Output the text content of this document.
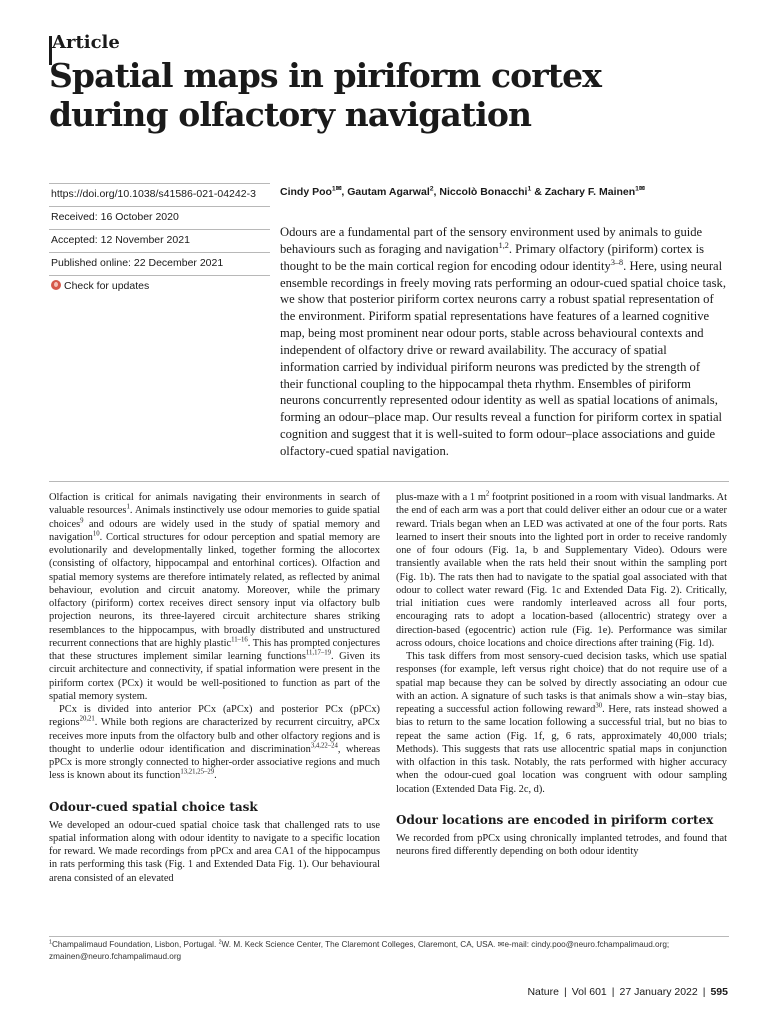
Article
Spatial maps in piriform cortex during olfactory navigation
https://doi.org/10.1038/s41586-021-04242-3
Received: 16 October 2020
Accepted: 12 November 2021
Published online: 22 December 2021
Check for updates
Cindy Poo$^{1✉}$, Gautam Agarwal$^2$, Niccolò Bonacchi$^1$ & Zachary F. Mainen$^{1✉}$

Odours are a fundamental part of the sensory environment used by animals to guide behaviours such as foraging and navigation$^{1,2}$. Primary olfactory (piriform) cortex is thought to be the main cortical region for encoding odour identity$^{3-8}$. Here, using neural ensemble recordings in freely moving rats performing an odour-cued spatial choice task, we show that posterior piriform cortex neurons carry a robust spatial representation of the environment. Piriform spatial representations have features of a learned cognitive map, being most prominent near odour ports, stable across behavioural contexts and independent of olfactory drive or reward availability. The accuracy of spatial information carried by individual piriform neurons was predicted by the strength of their functional coupling to the hippocampal theta rhythm. Ensembles of piriform neurons concurrently represented odour identity as well as spatial locations of animals, forming an odour–place map. Our results reveal a function for piriform cortex in spatial cognition and suggest that it is well-suited to form odour–place associations and guide olfactory-cued spatial navigation.

Olfaction is critical for animals navigating their environments in search of valuable resources$^1$. Animals instinctively use odour memories to guide spatial choices$^9$ and odours are widely used in the study of spatial memory and navigation$^{10}$. Cortical structures for odour perception and spatial memory are evolutionarily and developmentally linked, together forming the allocortex (consisting of olfactory, hippocampal and entorhinal cortices). Olfaction and spatial memory systems are therefore intimately related, as reflected by animal behaviour, evolution and circuit anatomy. Moreover, while the primary olfactory (piriform) cortex receives direct sensory input via olfactory bulb projection neurons, its three-layered circuit architecture shares striking resemblances to the hippocampus, with broadly distributed and unstructured recurrent connections that are highly plastic$^{11-16}$. This has prompted conjectures that these structures implement similar learning functions$^{11,17-19}$. Given its circuit architecture and connectivity, if spatial information were present in the piriform cortex (PCx) it would be well-positioned to function as part of the spatial memory system.

PCx is divided into anterior PCx (aPCx) and posterior PCx (pPCx) regions$^{20,21}$. While both regions are characterized by recurrent circuitry, aPCx receives more inputs from the olfactory bulb and other olfactory regions and is thought to underlie odour identification and discrimination$^{3,4,22-24}$, whereas pPCx is more strongly connected to higher-order associative regions and much less is known about its function$^{13,21,25-29}$.

Odour-cued spatial choice task

We developed an odour-cued spatial choice task that challenged rats to use spatial information along with odour identity to navigate to a specific location for reward. We made recordings from pPCx and area CA1 of the hippocampus in rats performing this task (Fig. 1 and Extended Data Fig. 1). Our behavioural arena consisted of an elevated

plus-maze with a 1 $m^2$ footprint positioned in a room with visual landmarks. At the end of each arm was a port that could deliver either an odour cue or a water reward. Trials began when an LED was activated at one of the four ports. Rats learned to insert their snouts into the lighted port in order to receive randomly one of four odours (Fig. 1a, b and Supplementary Video). Odours were transiently available when the rats held their snout within the sampling port (Fig. 1b). The rats then had to navigate to the spatial goal associated with that odour to collect water reward (Fig. 1c and Extended Data Fig. 2). Critically, trial initiation cues were randomly interleaved across all four ports, encouraging rats to adopt a location-based (allocentric) strategy over a direction-based (egocentric) action rule (Fig. 1e). Performance was similar across odours, choice locations and choice directions after training (Fig. 1d).

This task differs from most sensory-cued decision tasks, which use spatial responses (for example, left versus right choice) that do not require use of a spatial map because they can be solved by directly associating an odour cue with an action. A signature of such tasks is that animals show a win–stay bias, repeating a successful action following reward$^{30}$. Here, rats instead showed a bias to return to the same location following a successful trial, but no bias to repeat the same action (Fig. 1f, g, 6 rats, approximately 40,000 trials; Methods). This suggests that rats use allocentric spatial maps in conjunction with olfaction in this task. Notably, the rats performed with higher accuracy when the odour-cued goal location was congruent with odour sampling location (Extended Data Fig. 2c, d).

Odour locations are encoded in piriform cortex

We recorded from pPCx using chronically implanted tetrodes, and found that neurons fired differently depending on both odour identity

$^1$Champalimaud Foundation, Lisbon, Portugal. $^2$W. M. Keck Science Center, The Claremont Colleges, Claremont, CA, USA. ✉e-mail: cindy.poo@neuro.fchampalimaud.org; zmainen@neuro.fchampalimaud.org
Nature | Vol 601 | 27 January 2022 | 595
